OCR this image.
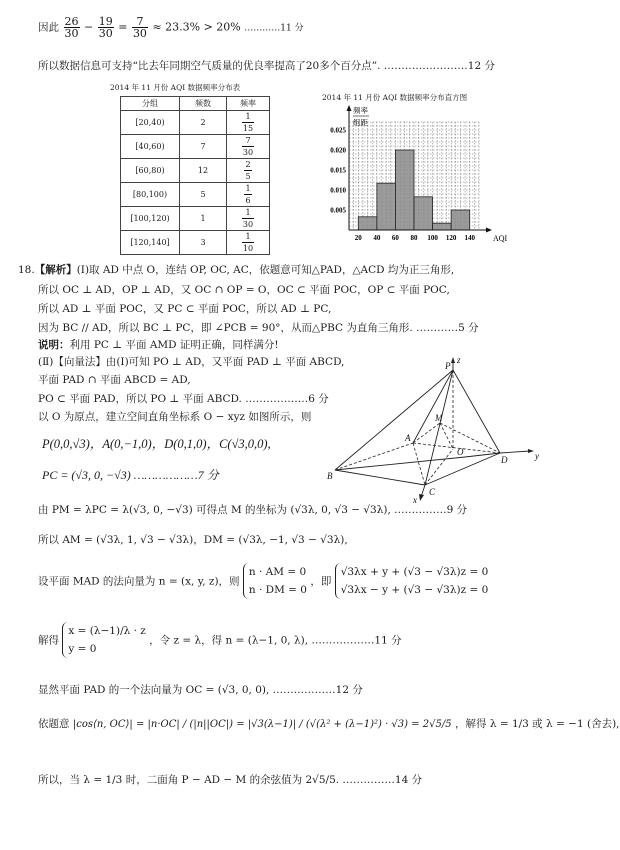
因此 $\frac{26}{30} - \frac{19}{30} = \frac{7}{30} \approx 23.3\% > 20\%$ …………11 分
所以数据信息可支持“比去年同期空气质量的优良率提高了20多个百分点”. ……………………12 分
2014 年 11 月份 AQI 数据频率分布表
分组	频数	频率
[20,40)	2	$\frac{1}{15}$

[40,60)	7	$\frac{7}{30}$

[60,80)	12	$\frac{2}{5}$

[80,100)	5	$\frac{1}{6}$

[100,120)	1	$\frac{1}{30}$

[120,140]	3	$\frac{1}{10}$
2014 年 11 月份 AQI 数据频率分布直方图
0.005
0.010
0.015
0.020
0.025
20 40 60 80 100 120 140 AQI
频率
组距
18.【解析】(Ⅰ)取 AD 中点 O，连结 OP, OC, AC，依题意可知△PAD，△ACD 均为正三角形,
所以 OC ⊥ AD，OP ⊥ AD，又 OC ∩ OP = O，OC ⊂ 平面 POC，OP ⊂ 平面 POC,
所以 AD ⊥ 平面 POC，又 PC ⊂ 平面 POC，所以 AD ⊥ PC,
因为 BC // AD，所以 BC ⊥ PC，即 ∠PCB = 90°，从而△PBC 为直角三角形. …………5 分
说明：利用 PC ⊥ 平面 AMD 证明正确，同样满分!
(Ⅱ)【向量法】由(Ⅰ)可知 PO ⊥ AD，又平面 PAD ⊥ 平面 ABCD,
平面 PAD ∩ 平面 ABCD = AD,
PO ⊂ 平面 PAD，所以 PO ⊥ 平面 ABCD. ………………6 分
以 O 为原点，建立空间直角坐标系 O − xyz 如图所示，则
P(0,0,√3)，A(0,−1,0)，D(0,1,0)，C(√3,0,0),
PC = (√3, 0, −√3) ………………7 分
由 PM = λPC = λ(√3, 0, −√3) 可得点 M 的坐标为 (√3λ, 0, √3 − √3λ), ……………9 分
所以 AM = (√3λ, 1, √3 − √3λ)，DM = (√3λ, −1, √3 − √3λ),
设平面 MAD 的法向量为 n = (x, y, z)，则
n · AM = 0
n · DM = 0
，即
√3λx + y + (√3 − √3λ)z = 0
√3λx − y + (√3 − √3λ)z = 0
解得
x = (λ−1)/λ · z
y = 0
，令 z = λ，得 n = (λ−1, 0, λ), ………………11 分
显然平面 PAD 的一个法向量为 OC = (√3, 0, 0), ………………12 分
依题意 |cos⟨n, OC⟩| = |n·OC| / (|n||OC|) = |√3(λ−1)| / (√(λ² + (λ−1)²) · √3) = 2√5/5 ，解得 λ = 1/3 或 λ = −1 (舍去),
所以，当 λ = 1/3 时，二面角 P − AD − M 的余弦值为 2√5/5. ……………14 分
z
P
M
A
O
D	y
B
C
x
